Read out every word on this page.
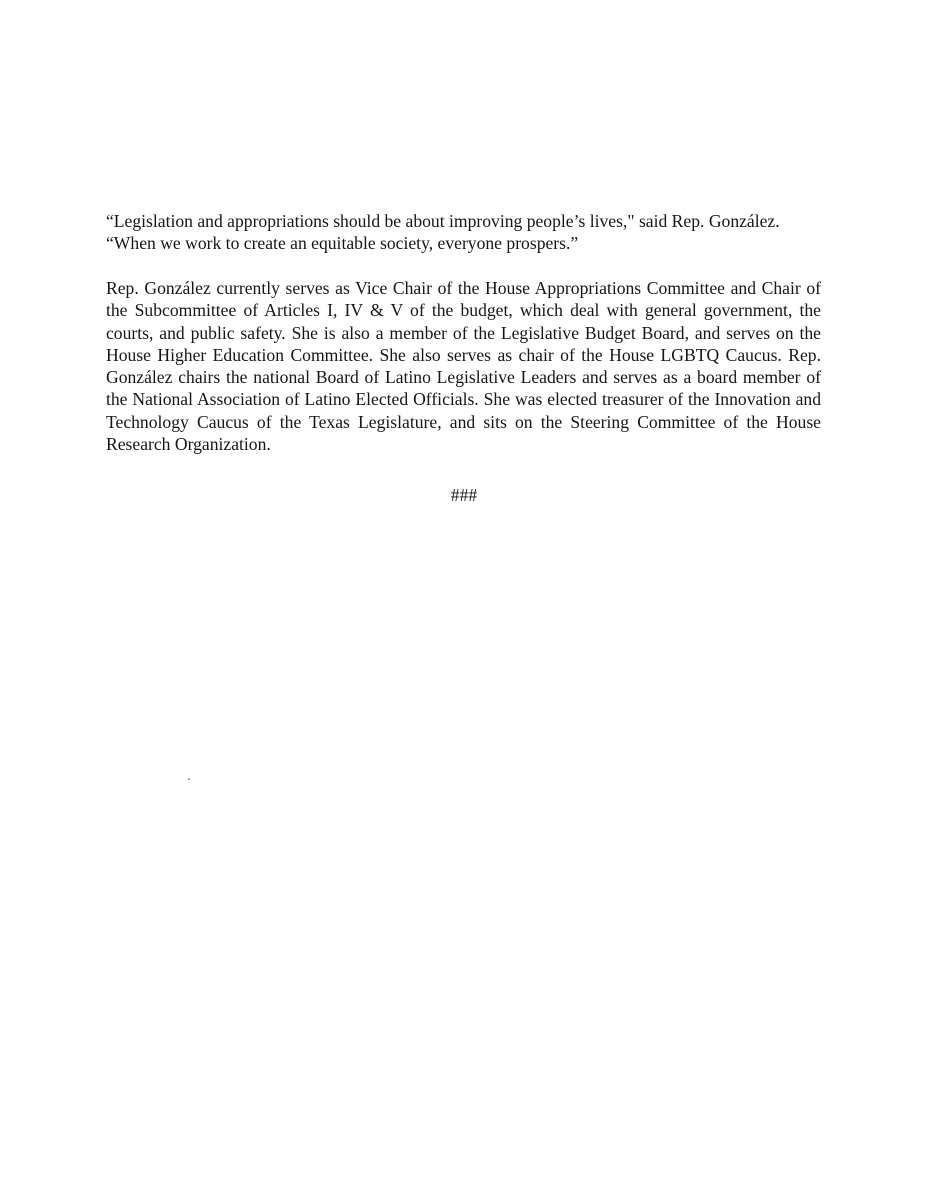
“Legislation and appropriations should be about improving people’s lives," said Rep. González. “When we work to create an equitable society, everyone prospers.”

Rep. González currently serves as Vice Chair of the House Appropriations Committee and Chair of the Subcommittee of Articles I, IV & V of the budget, which deal with general government, the courts, and public safety. She is also a member of the Legislative Budget Board, and serves on the House Higher Education Committee. She also serves as chair of the House LGBTQ Caucus. Rep. González chairs the national Board of Latino Legislative Leaders and serves as a board member of the National Association of Latino Elected Officials. She was elected treasurer of the Innovation and Technology Caucus of the Texas Legislature, and sits on the Steering Committee of the House Research Organization.

###
